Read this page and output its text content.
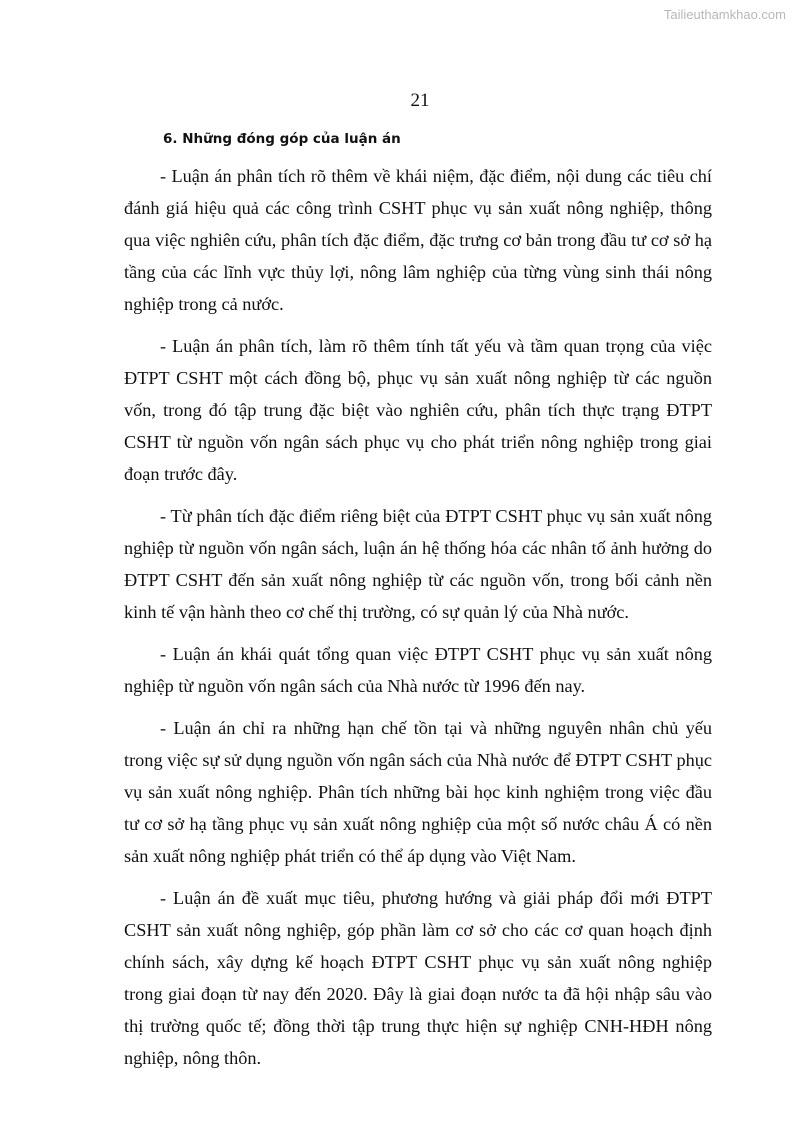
Tailieuthamkhao.com
21
6. Những đóng góp của luận án

- Luận án phân tích rõ thêm về khái niệm, đặc điểm, nội dung các tiêu chí đánh giá hiệu quả các công trình CSHT phục vụ sản xuất nông nghiệp, thông qua việc nghiên cứu, phân tích đặc điểm, đặc trưng cơ bản trong đầu tư cơ sở hạ tầng của các lĩnh vực thủy lợi, nông lâm nghiệp của từng vùng sinh thái nông nghiệp trong cả nước.

- Luận án phân tích, làm rõ thêm tính tất yếu và tầm quan trọng của việc ĐTPT CSHT một cách đồng bộ, phục vụ sản xuất nông nghiệp từ các nguồn vốn, trong đó tập trung đặc biệt vào nghiên cứu, phân tích thực trạng ĐTPT CSHT từ nguồn vốn ngân sách phục vụ cho phát triển nông nghiệp trong giai đoạn trước đây.

- Từ phân tích đặc điểm riêng biệt của ĐTPT CSHT phục vụ sản xuất nông nghiệp từ nguồn vốn ngân sách, luận án hệ thống hóa các nhân tố ảnh hưởng do ĐTPT CSHT đến sản xuất nông nghiệp từ các nguồn vốn, trong bối cảnh nền kinh tế vận hành theo cơ chế thị trường, có sự quản lý của Nhà nước.

- Luận án khái quát tổng quan việc ĐTPT CSHT phục vụ sản xuất nông nghiệp từ nguồn vốn ngân sách của Nhà nước từ 1996 đến nay.

- Luận án chỉ ra những hạn chế tồn tại và những nguyên nhân chủ yếu trong việc sự sử dụng nguồn vốn ngân sách của Nhà nước để ĐTPT CSHT phục vụ sản xuất nông nghiệp. Phân tích những bài học kinh nghiệm trong việc đầu tư cơ sở hạ tầng phục vụ sản xuất nông nghiệp của một số nước châu Á có nền sản xuất nông nghiệp phát triển có thể áp dụng vào Việt Nam.

- Luận án đề xuất mục tiêu, phương hướng và giải pháp đổi mới ĐTPT CSHT sản xuất nông nghiệp, góp phần làm cơ sở cho các cơ quan hoạch định chính sách, xây dựng kế hoạch ĐTPT CSHT phục vụ sản xuất nông nghiệp trong giai đoạn từ nay đến 2020. Đây là giai đoạn nước ta đã hội nhập sâu vào thị trường quốc tế; đồng thời tập trung thực hiện sự nghiệp CNH-HĐH nông nghiệp, nông thôn.
